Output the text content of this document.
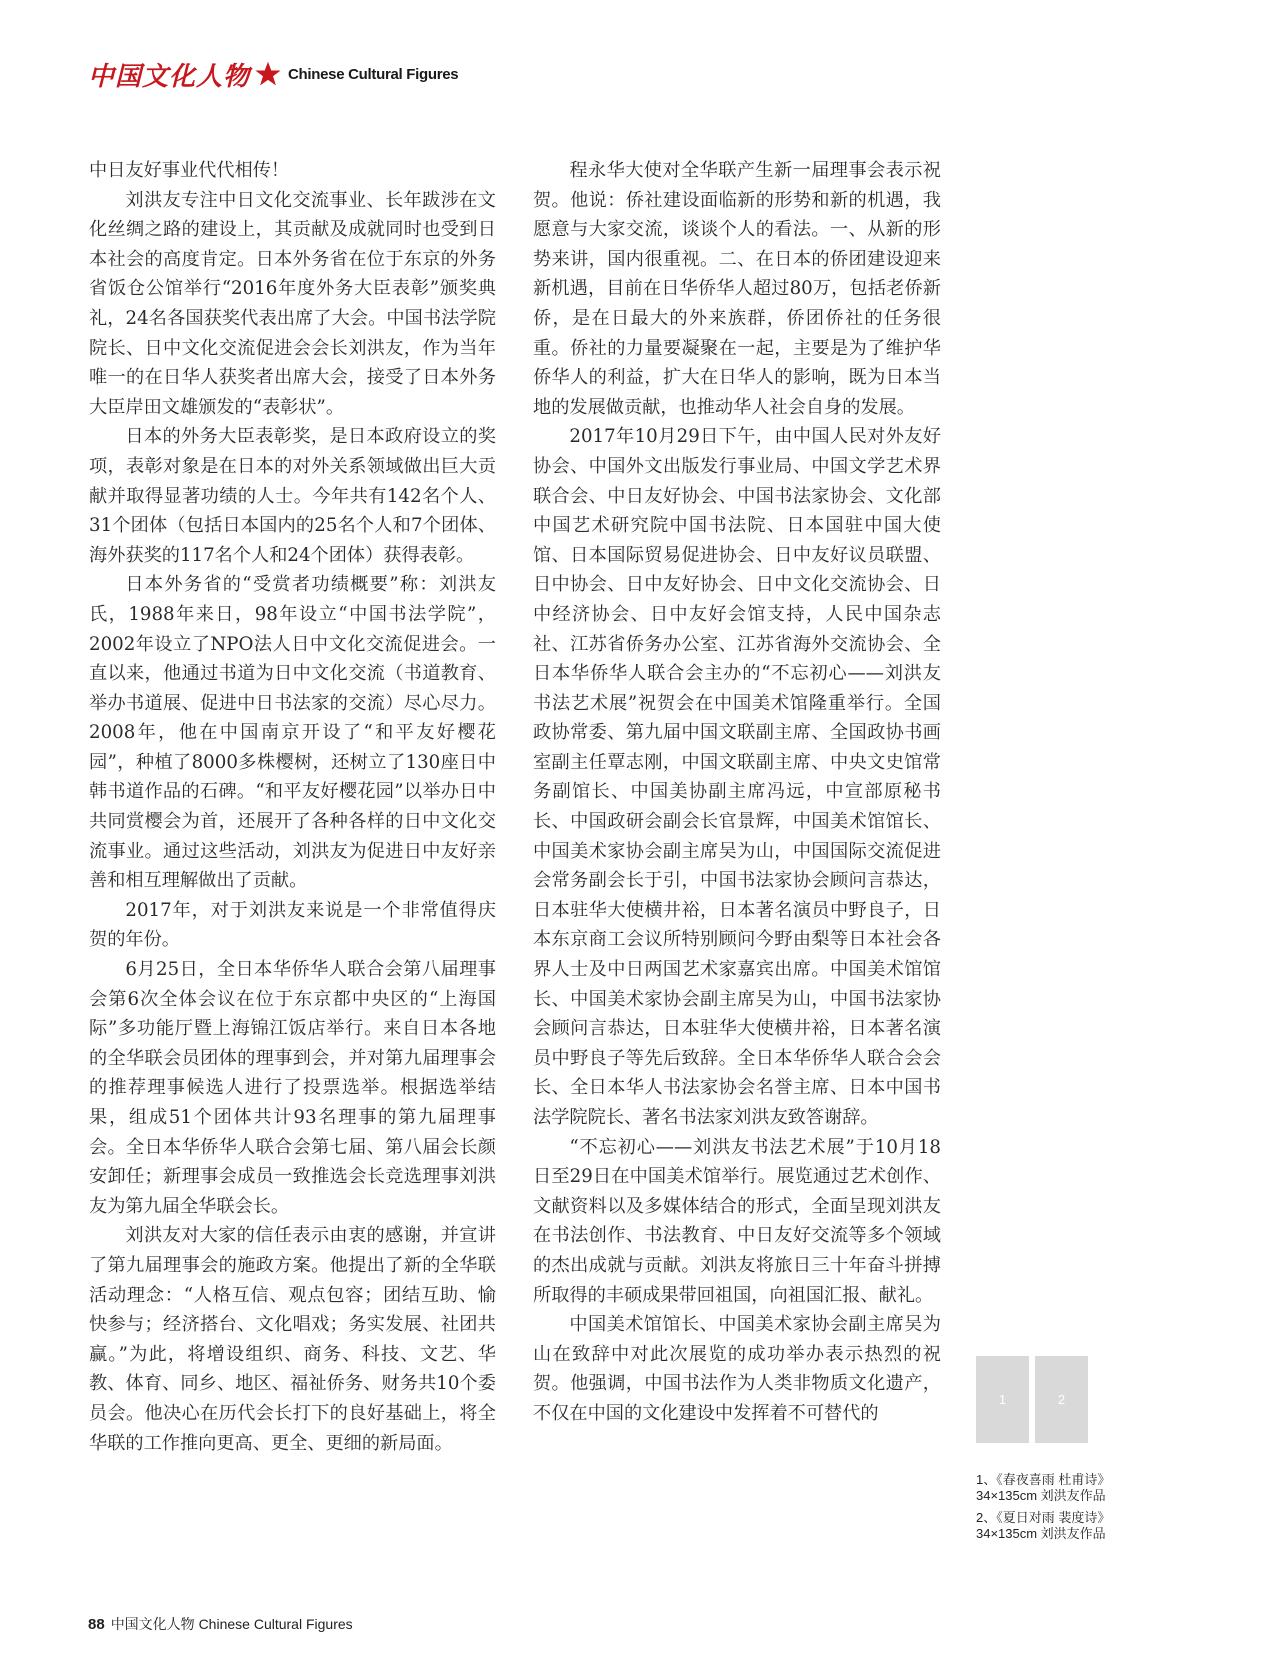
中国文化人物	Chinese Cultural Figures

中日友好事业代代相传！

刘洪友专注中日文化交流事业、长年跋涉在文化丝绸之路的建设上，其贡献及成就同时也受到日本社会的高度肯定。日本外务省在位于东京的外务省饭仓公馆举行“2016年度外务大臣表彰”颁奖典礼，24名各国获奖代表出席了大会。中国书法学院院长、日中文化交流促进会会长刘洪友，作为当年唯一的在日华人获奖者出席大会，接受了日本外务大臣岸田文雄颁发的“表彰状”。

日本的外务大臣表彰奖，是日本政府设立的奖项，表彰对象是在日本的对外关系领域做出巨大贡献并取得显著功绩的人士。今年共有142名个人、31个团体（包括日本国内的25名个人和7个团体、海外获奖的117名个人和24个团体）获得表彰。

日本外务省的“受赏者功绩概要”称：刘洪友氏，1988年来日，98年设立“中国书法学院”，2002年设立了NPO法人日中文化交流促进会。一直以来，他通过书道为日中文化交流（书道教育、举办书道展、促进中日书法家的交流）尽心尽力。2008年，他在中国南京开设了“和平友好樱花园”，种植了8000多株樱树，还树立了130座日中韩书道作品的石碑。“和平友好樱花园”以举办日中共同赏樱会为首，还展开了各种各样的日中文化交流事业。通过这些活动，刘洪友为促进日中友好亲善和相互理解做出了贡献。

2017年，对于刘洪友来说是一个非常值得庆贺的年份。

6月25日，全日本华侨华人联合会第八届理事会第6次全体会议在位于东京都中央区的“上海国际”多功能厅暨上海锦江饭店举行。来自日本各地的全华联会员团体的理事到会，并对第九届理事会的推荐理事候选人进行了投票选举。根据选举结果，组成51个团体共计93名理事的第九届理事会。全日本华侨华人联合会第七届、第八届会长颜安卸任；新理事会成员一致推选会长竞选理事刘洪友为第九届全华联会长。

刘洪友对大家的信任表示由衷的感谢，并宣讲了第九届理事会的施政方案。他提出了新的全华联活动理念：“人格互信、观点包容；团结互助、愉快参与；经济搭台、文化唱戏；务实发展、社团共赢。”为此，将增设组织、商务、科技、文艺、华教、体育、同乡、地区、福祉侨务、财务共10个委员会。他决心在历代会长打下的良好基础上，将全华联的工作推向更高、更全、更细的新局面。

程永华大使对全华联产生新一届理事会表示祝贺。他说：侨社建设面临新的形势和新的机遇，我愿意与大家交流，谈谈个人的看法。一、从新的形势来讲，国内很重视。二、在日本的侨团建设迎来新机遇，目前在日华侨华人超过80万，包括老侨新侨，是在日最大的外来族群，侨团侨社的任务很重。侨社的力量要凝聚在一起，主要是为了维护华侨华人的利益，扩大在日华人的影响，既为日本当地的发展做贡献，也推动华人社会自身的发展。

2017年10月29日下午，由中国人民对外友好协会、中国外文出版发行事业局、中国文学艺术界联合会、中日友好协会、中国书法家协会、文化部中国艺术研究院中国书法院、日本国驻中国大使馆、日本国际贸易促进协会、日中友好议员联盟、日中协会、日中友好协会、日中文化交流协会、日中经济协会、日中友好会馆支持，人民中国杂志社、江苏省侨务办公室、江苏省海外交流协会、全日本华侨华人联合会主办的“不忘初心——刘洪友书法艺术展”祝贺会在中国美术馆隆重举行。全国政协常委、第九届中国文联副主席、全国政协书画室副主任覃志刚，中国文联副主席、中央文史馆常务副馆长、中国美协副主席冯远，中宣部原秘书长、中国政研会副会长官景辉，中国美术馆馆长、中国美术家协会副主席吴为山，中国国际交流促进会常务副会长于引，中国书法家协会顾问言恭达，日本驻华大使横井裕，日本著名演员中野良子，日本东京商工会议所特别顾问今野由梨等日本社会各界人士及中日两国艺术家嘉宾出席。中国美术馆馆长、中国美术家协会副主席吴为山，中国书法家协会顾问言恭达，日本驻华大使横井裕，日本著名演员中野良子等先后致辞。全日本华侨华人联合会会长、全日本华人书法家协会名誉主席、日本中国书法学院院长、著名书法家刘洪友致答谢辞。

“不忘初心——刘洪友书法艺术展”于10月18日至29日在中国美术馆举行。展览通过艺术创作、文献资料以及多媒体结合的形式，全面呈现刘洪友在书法创作、书法教育、中日友好交流等多个领域的杰出成就与贡献。刘洪友将旅日三十年奋斗拼搏所取得的丰硕成果带回祖国，向祖国汇报、献礼。

中国美术馆馆长、中国美术家协会副主席吴为山在致辞中对此次展览的成功举办表示热烈的祝贺。他强调，中国书法作为人类非物质文化遗产，不仅在中国的文化建设中发挥着不可替代的

1	2
1、《春夜喜雨 杜甫诗》
34×135cm 刘洪友作品
2、《夏日对雨 裴度诗》
34×135cm 刘洪友作品
88 中国文化人物 Chinese Cultural Figures
